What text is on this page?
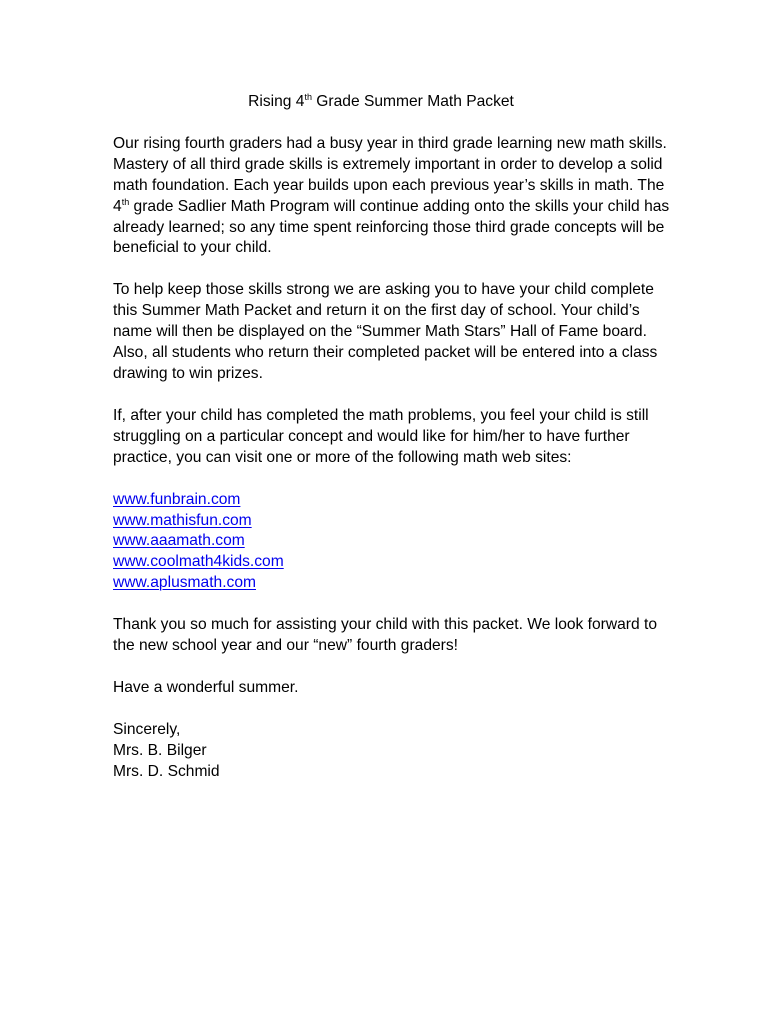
Rising 4th Grade Summer Math Packet

Our rising fourth graders had a busy year in third grade learning new math skills. Mastery of all third grade skills is extremely important in order to develop a solid math foundation. Each year builds upon each previous year’s skills in math. The 4th grade Sadlier Math Program will continue adding onto the skills your child has already learned; so any time spent reinforcing those third grade concepts will be beneficial to your child.

To help keep those skills strong we are asking you to have your child complete this Summer Math Packet and return it on the first day of school. Your child’s name will then be displayed on the “Summer Math Stars” Hall of Fame board. Also, all students who return their completed packet will be entered into a class drawing to win prizes.

If, after your child has completed the math problems, you feel your child is still struggling on a particular concept and would like for him/her to have further practice, you can visit one or more of the following math web sites:

www.funbrain.com
www.mathisfun.com
www.aaamath.com
www.coolmath4kids.com
www.aplusmath.com

Thank you so much for assisting your child with this packet. We look forward to the new school year and our “new” fourth graders!

Have a wonderful summer.

Sincerely,
Mrs. B. Bilger
Mrs. D. Schmid
